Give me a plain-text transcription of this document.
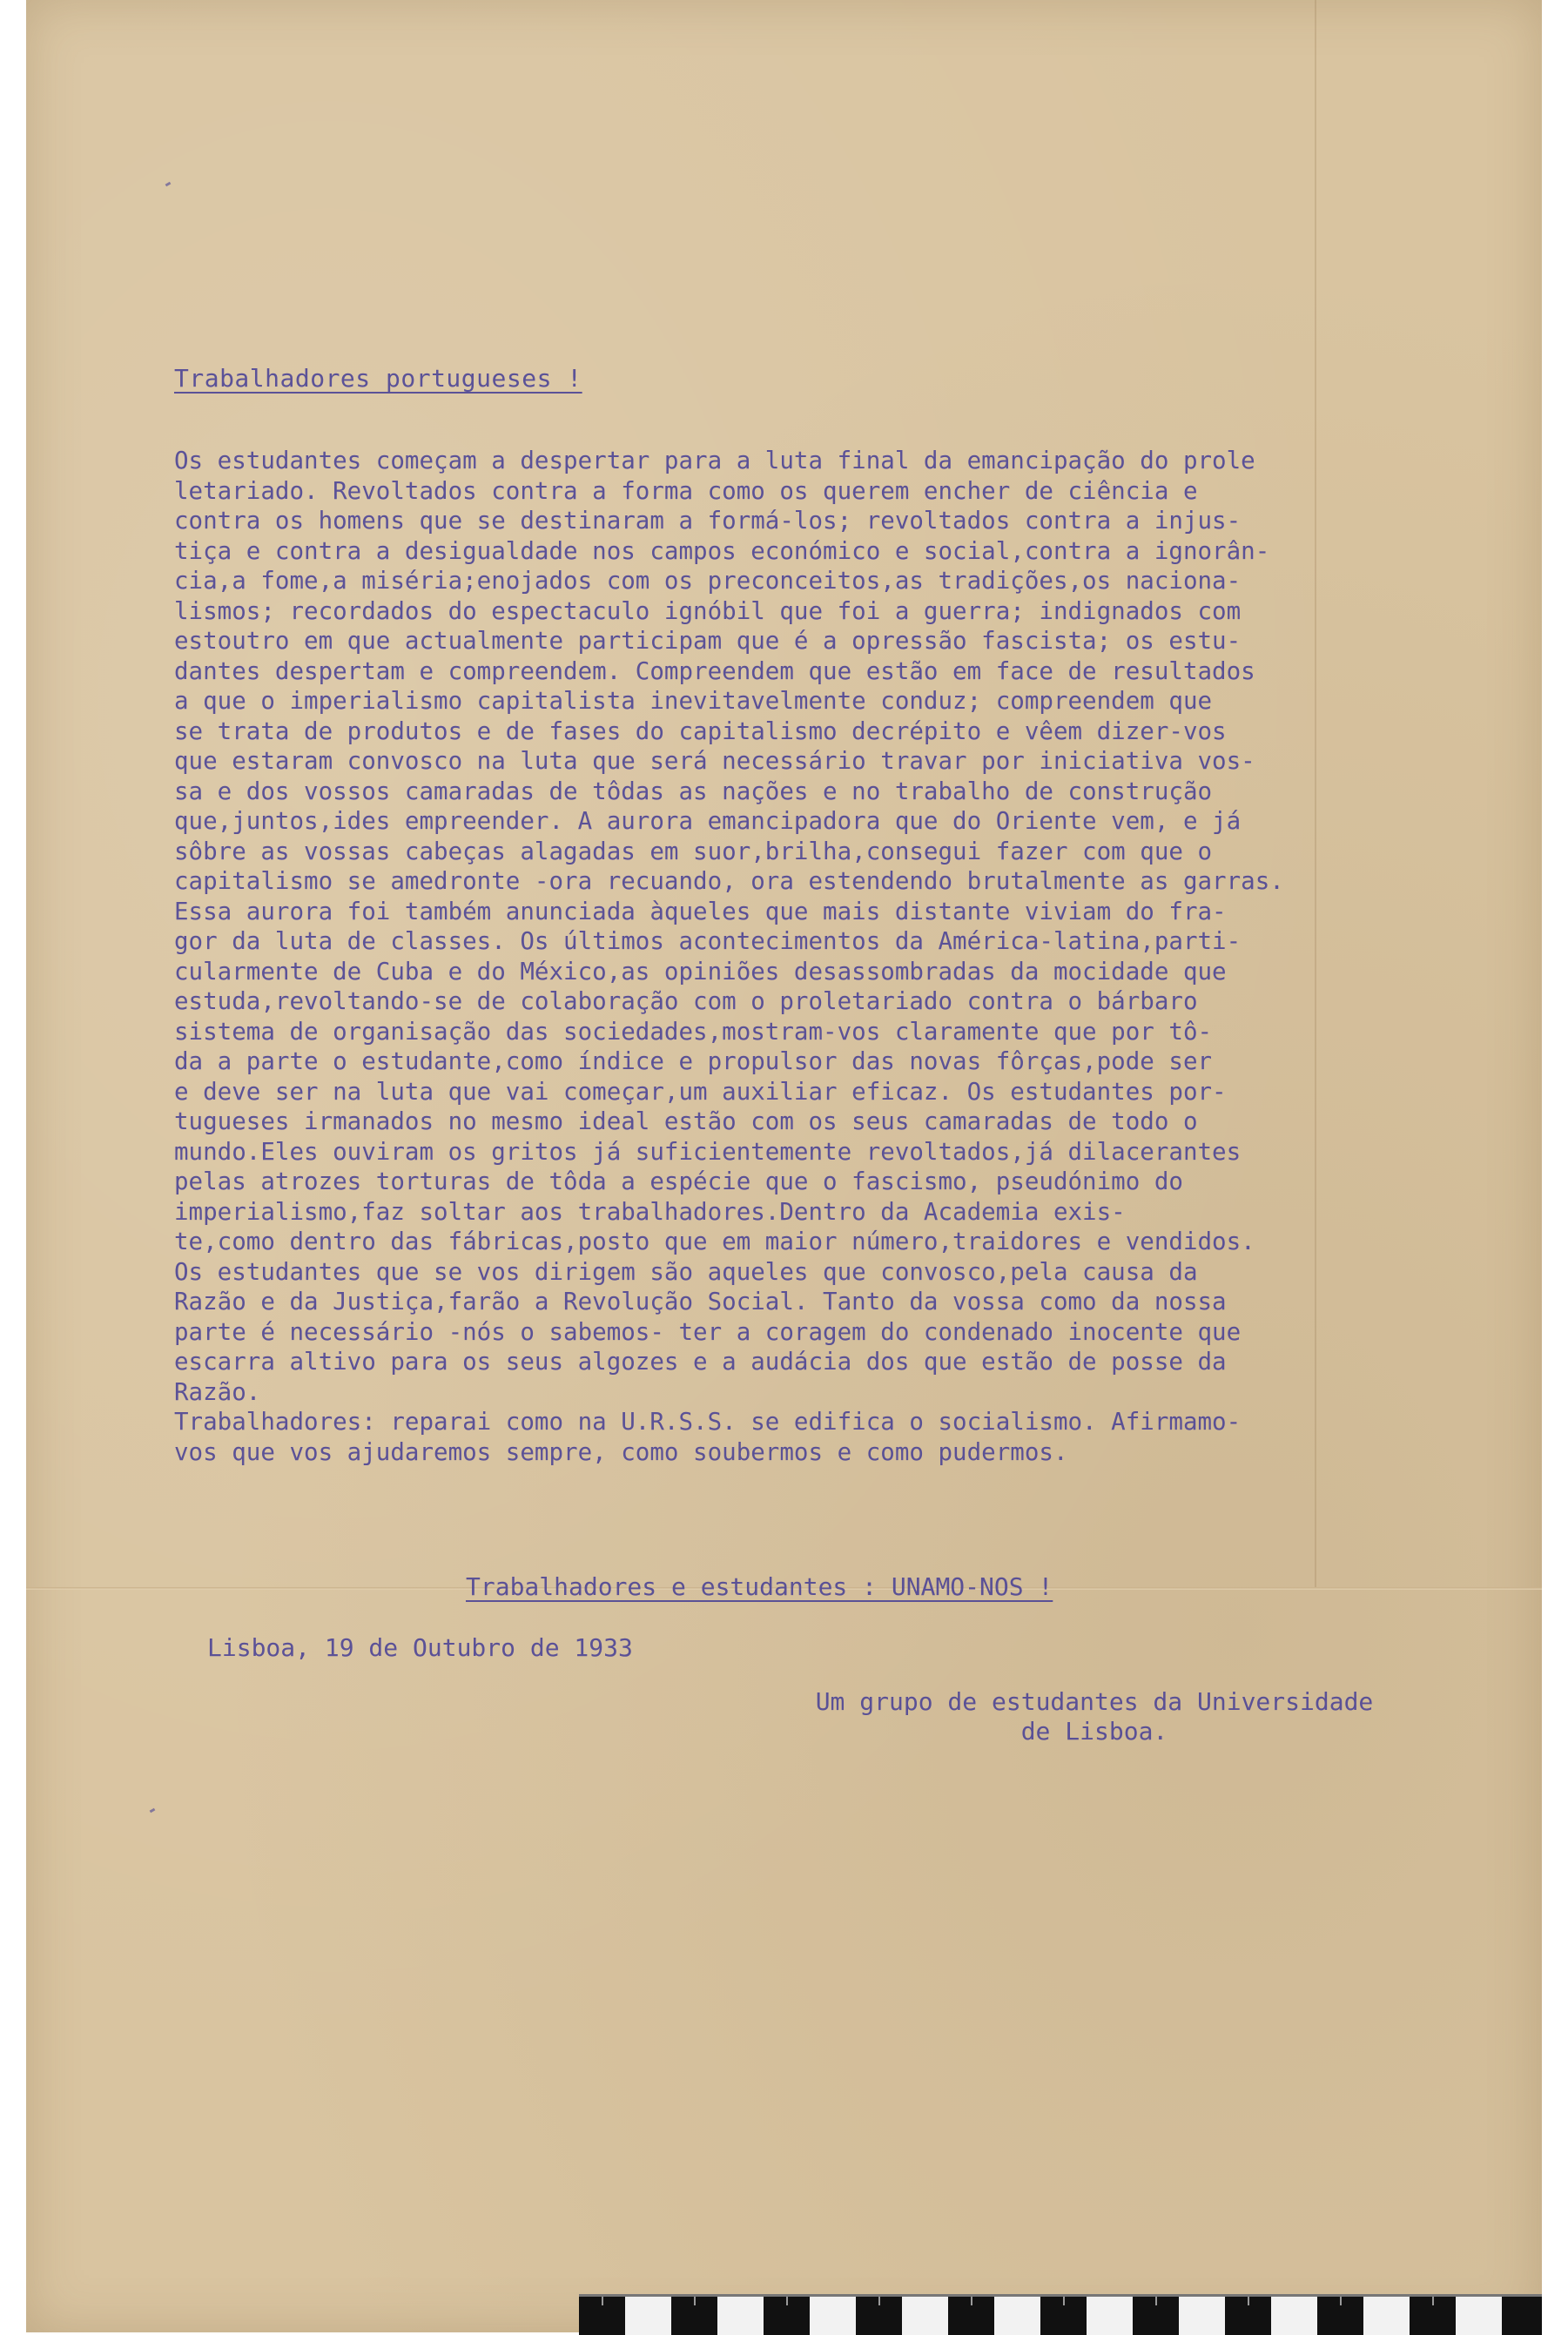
Trabalhadores portugueses !
Os estudantes começam a despertar para a luta final da emancipação do prole
letariado. Revoltados contra a forma como os querem encher de ciência e
contra os homens que se destinaram a formá-los; revoltados contra a injus-
tiça e contra a desigualdade nos campos económico e social,contra a ignorân-
cia,a fome,a miséria;enojados com os preconceitos,as tradições,os naciona-
lismos; recordados do espectaculo ignóbil que foi a guerra; indignados com
estoutro em que actualmente participam que é a opressão fascista; os estu-
dantes despertam e compreendem. Compreendem que estão em face de resultados
a que o imperialismo capitalista inevitavelmente conduz; compreendem que
se trata de produtos e de fases do capitalismo decrépito e vêem dizer-vos
que estaram convosco na luta que será necessário travar por iniciativa vos-
sa e dos vossos camaradas de tôdas as nações e no trabalho de construção
que,juntos,ides empreender. A aurora emancipadora que do Oriente vem, e já
sôbre as vossas cabeças alagadas em suor,brilha,consegui fazer com que o
capitalismo se amedronte -ora recuando, ora estendendo brutalmente as garras.
Essa aurora foi também anunciada àqueles que mais distante viviam do fra-
gor da luta de classes. Os últimos acontecimentos da América-latina,parti-
cularmente de Cuba e do México,as opiniões desassombradas da mocidade que
estuda,revoltando-se de colaboração com o proletariado contra o bárbaro
sistema de organisação das sociedades,mostram-vos claramente que por tô-
da a parte o estudante,como índice e propulsor das novas fôrças,pode ser
e deve ser na luta que vai começar,um auxiliar eficaz. Os estudantes por-
tugueses irmanados no mesmo ideal estão com os seus camaradas de todo o
mundo.Eles ouviram os gritos já suficientemente revoltados,já dilacerantes
pelas atrozes torturas de tôda a espécie que o fascismo, pseudónimo do
imperialismo,faz soltar aos trabalhadores.Dentro da Academia exis-
te,como dentro das fábricas,posto que em maior número,traidores e vendidos.
Os estudantes que se vos dirigem são aqueles que convosco,pela causa da
Razão e da Justiça,farão a Revolução Social. Tanto da vossa como da nossa
parte é necessário -nós o sabemos- ter a coragem do condenado inocente que
escarra altivo para os seus algozes e a audácia dos que estão de posse da
Razão.
Trabalhadores: reparai como na U.R.S.S. se edifica o socialismo. Afirmamo-
vos que vos ajudaremos sempre, como soubermos e como pudermos.
Trabalhadores e estudantes : UNAMO-NOS !
Lisboa, 19 de Outubro de 1933
Um grupo de estudantes da Universidade
de Lisboa.
